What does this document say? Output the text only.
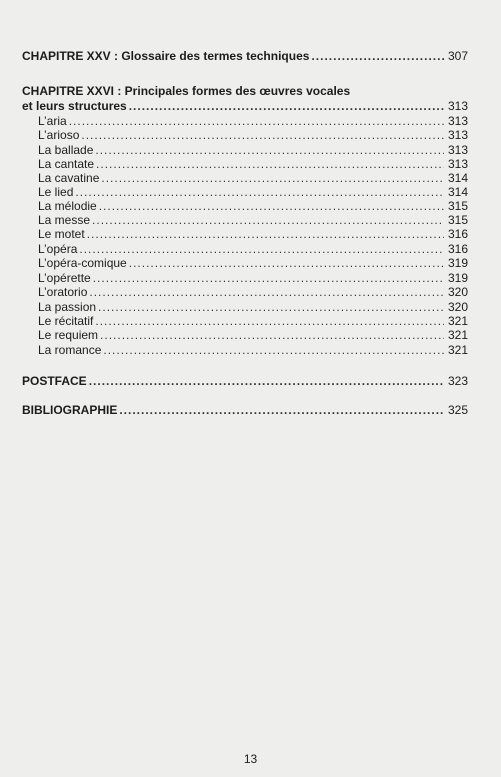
CHAPITRE XXV : Glossaire des termes techniques .....	307
CHAPITRE XXVI : Principales formes des œuvres vocales
et leurs structures .....	313
L’aria .....	313
L’arioso .....	313
La ballade .....	313
La cantate .....	313
La cavatine .....	314
Le lied .....	314
La mélodie .....	315
La messe .....	315
Le motet .....	316
L’opéra .....	316
L’opéra-comique .....	319
L’opérette .....	319
L’oratorio .....	320
La passion .....	320
Le récitatif .....	321
Le requiem .....	321
La romance .....	321
POSTFACE .....	323
BIBLIOGRAPHIE .....	325
13
